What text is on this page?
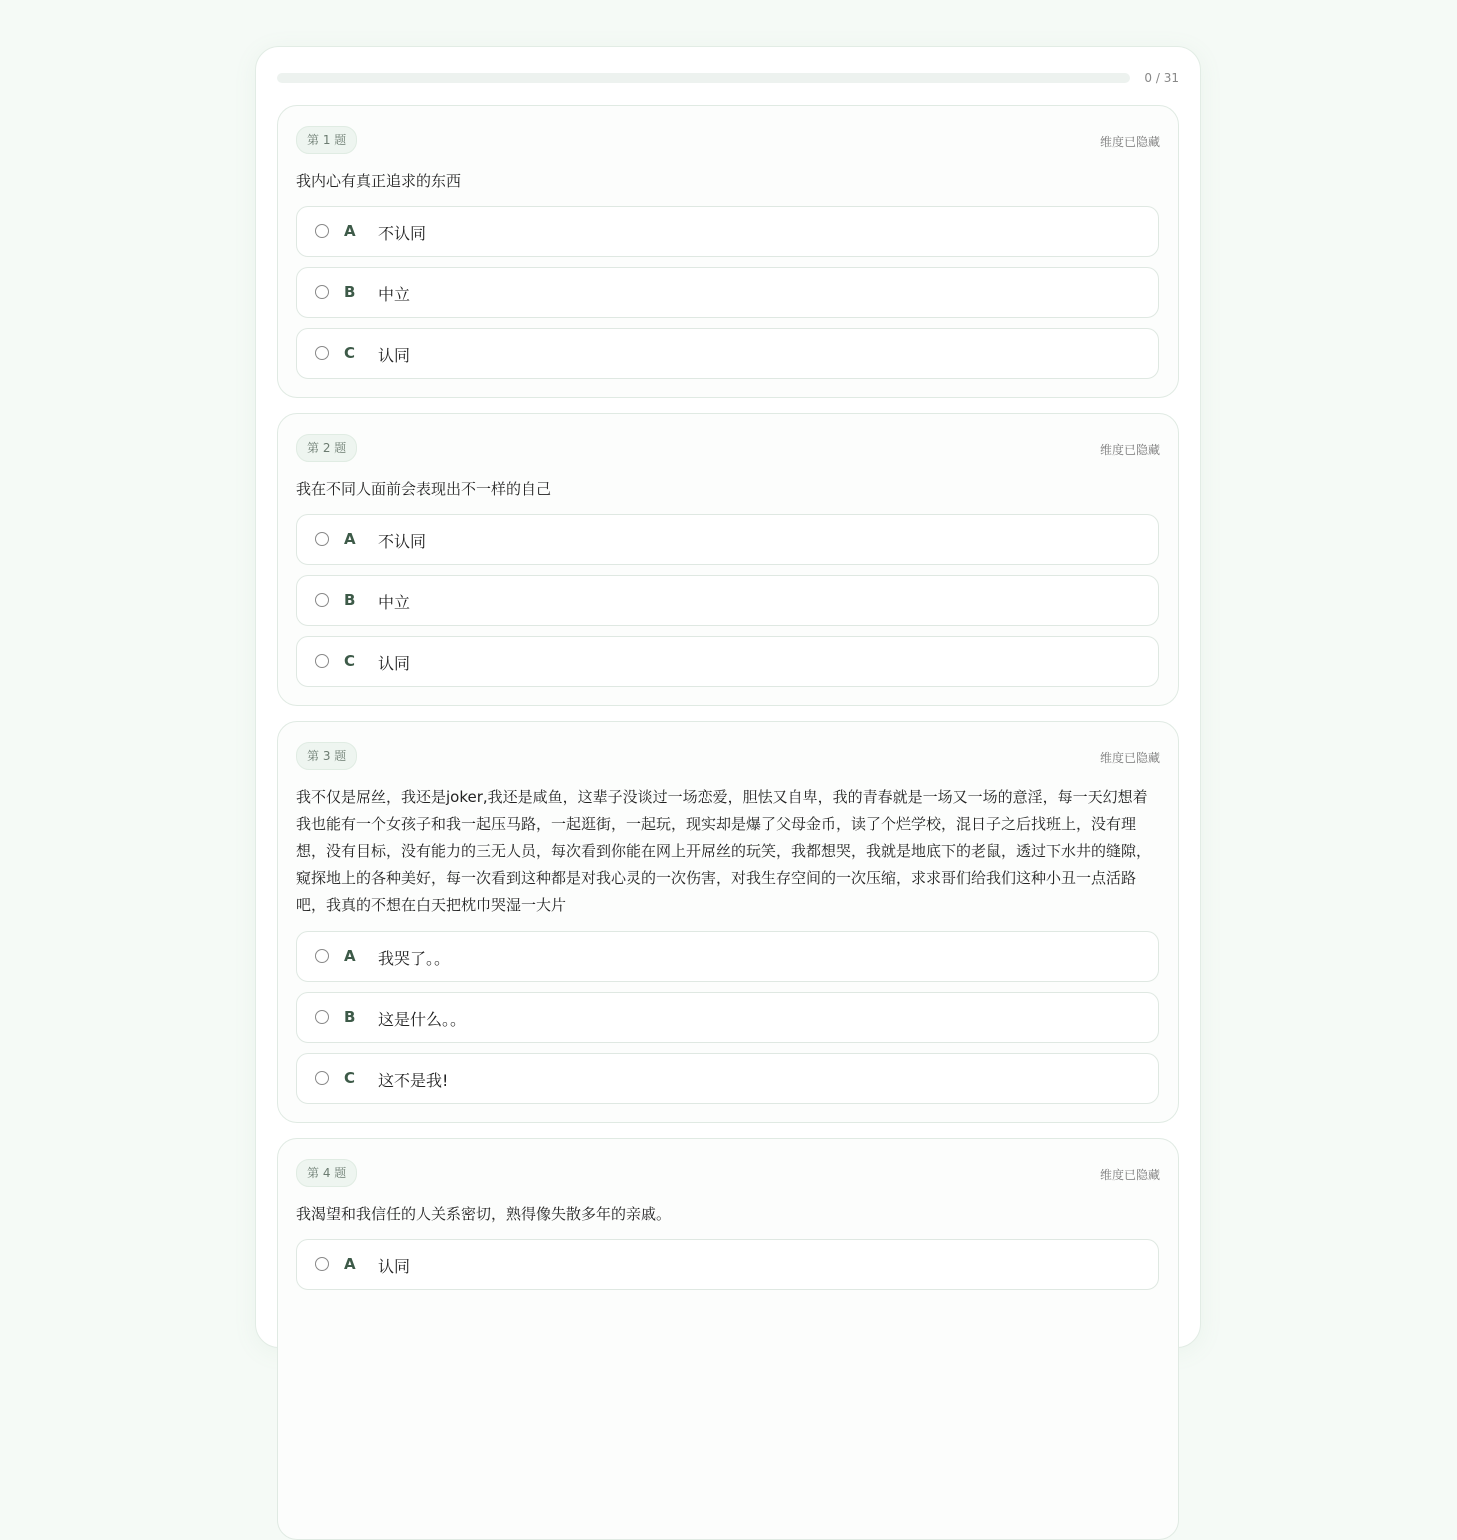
0 / 31
第 1 题	维度已隐藏
我内心有真正追求的东西
A 不认同
B 中立
C 认同
第 2 题	维度已隐藏
我在不同人面前会表现出不一样的自己
A 不认同
B 中立
C 认同
第 3 题	维度已隐藏
我不仅是屌丝，我还是joker,我还是咸鱼，这辈子没谈过一场恋爱，胆怯又自卑，我的青春就是一场又一场的意淫，每一天幻想着我也能有一个女孩子和我一起压马路，一起逛街，一起玩，现实却是爆了父母金币，读了个烂学校，混日子之后找班上，没有理想，没有目标，没有能力的三无人员，每次看到你能在网上开屌丝的玩笑，我都想哭，我就是地底下的老鼠，透过下水井的缝隙，窥探地上的各种美好，每一次看到这种都是对我心灵的一次伤害，对我生存空间的一次压缩，求求哥们给我们这种小丑一点活路吧，我真的不想在白天把枕巾哭湿一大片
A 我哭了。。
B 这是什么。。
C 这不是我!
第 4 题	维度已隐藏
我渴望和我信任的人关系密切，熟得像失散多年的亲戚。
A 认同
